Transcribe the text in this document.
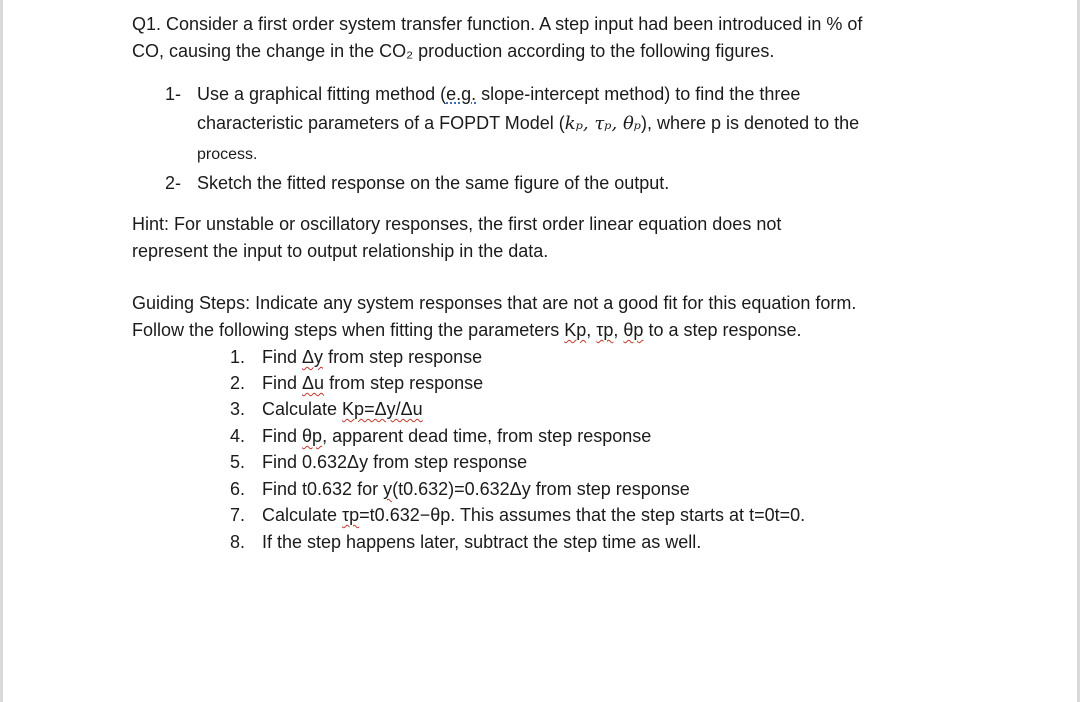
Q1. Consider a first order system transfer function. A step input had been introduced in % of
CO, causing the change in the CO₂ production according to the following figures.
1- Use a graphical fitting method (e.g. slope-intercept method) to find the three
characteristic parameters of a FOPDT Model (kₚ, τₚ, θₚ), where p is denoted to the
process.
2- Sketch the fitted response on the same figure of the output.
Hint: For unstable or oscillatory responses, the first order linear equation does not
represent the input to output relationship in the data.
Guiding Steps: Indicate any system responses that are not a good fit for this equation form.
Follow the following steps when fitting the parameters Kp, τp, θp to a step response.
1. Find Δy from step response
2. Find Δu from step response
3. Calculate Kp=Δy/Δu
4. Find θp, apparent dead time, from step response
5. Find 0.632Δy from step response
6. Find t0.632 for y(t0.632)=0.632Δy from step response
7. Calculate τp=t0.632−θp. This assumes that the step starts at t=0t=0.
8. If the step happens later, subtract the step time as well.
